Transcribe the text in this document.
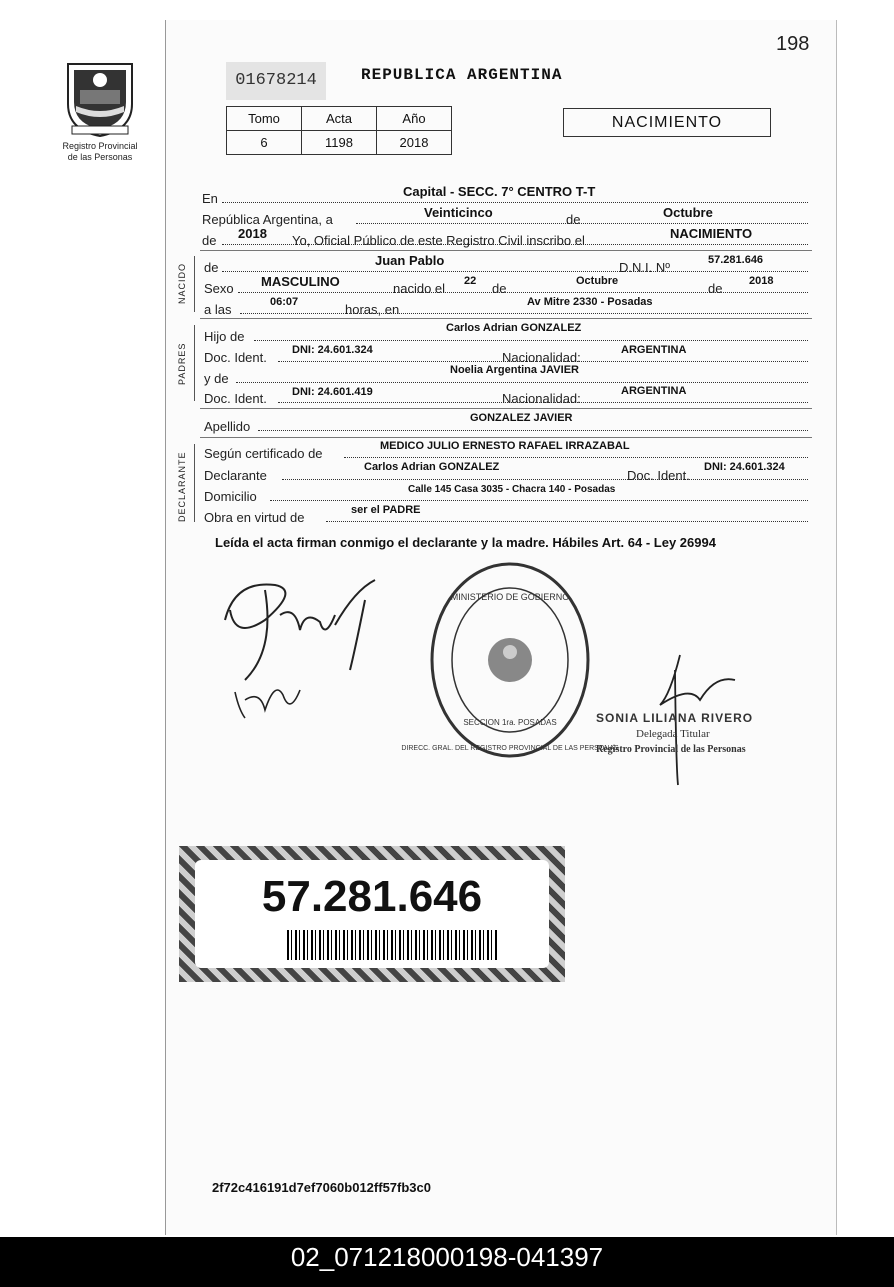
198
Registro Provincial
de las Personas
01678214	REPUBLICA ARGENTINA
Tomo	Acta	Año
6	1198	2018
NACIMIENTO
En	Capital - SECC. 7° CENTRO T-T
República Argentina, a	Veinticinco	de	Octubre
de 2018 Yo, Oficial Público de este Registro Civil inscribo el	NACIMIENTO
NACIDO de	Juan Pablo	D.N.I. Nº	57.281.646
Sexo MASCULINO	nacido el 22 de	Octubre	de 2018
a las	06:07	horas, en	Av Mitre 2330 - Posadas
PADRES
Hijo de
Carlos Adrian GONZALEZ
Doc. Ident. DNI: 24.601.324	Nacionalidad:	ARGENTINA
y de
Noelia Argentina JAVIER
Doc. Ident. DNI: 24.601.419	Nacionalidad:	ARGENTINA
Apellido
GONZALEZ JAVIER
DECLARANTE Según certificado de	MEDICO JULIO ERNESTO RAFAEL IRRAZABAL
Declarante
Carlos Adrian GONZALEZ
Doc. Ident.
DNI: 24.601.324
Domicilio	Calle 145 Casa 3035 - Chacra 140 - Posadas
Obra en virtud de	ser el PADRE
Leída el acta firman conmigo el declarante y la madre. Hábiles Art. 64 - Ley 26994
MINISTERIO DE GOBIERNO
SECCION 1ra. POSADAS
DIRECC. GRAL. DEL REGISTRO PROVINCIAL DE LAS PERSONAS
SONIA LILIANA RIVERO
Delegada Titular
Registro Provincial de las Personas
57.281.646
2f72c416191d7ef7060b012ff57fb3c0
02_071218000198-041397
